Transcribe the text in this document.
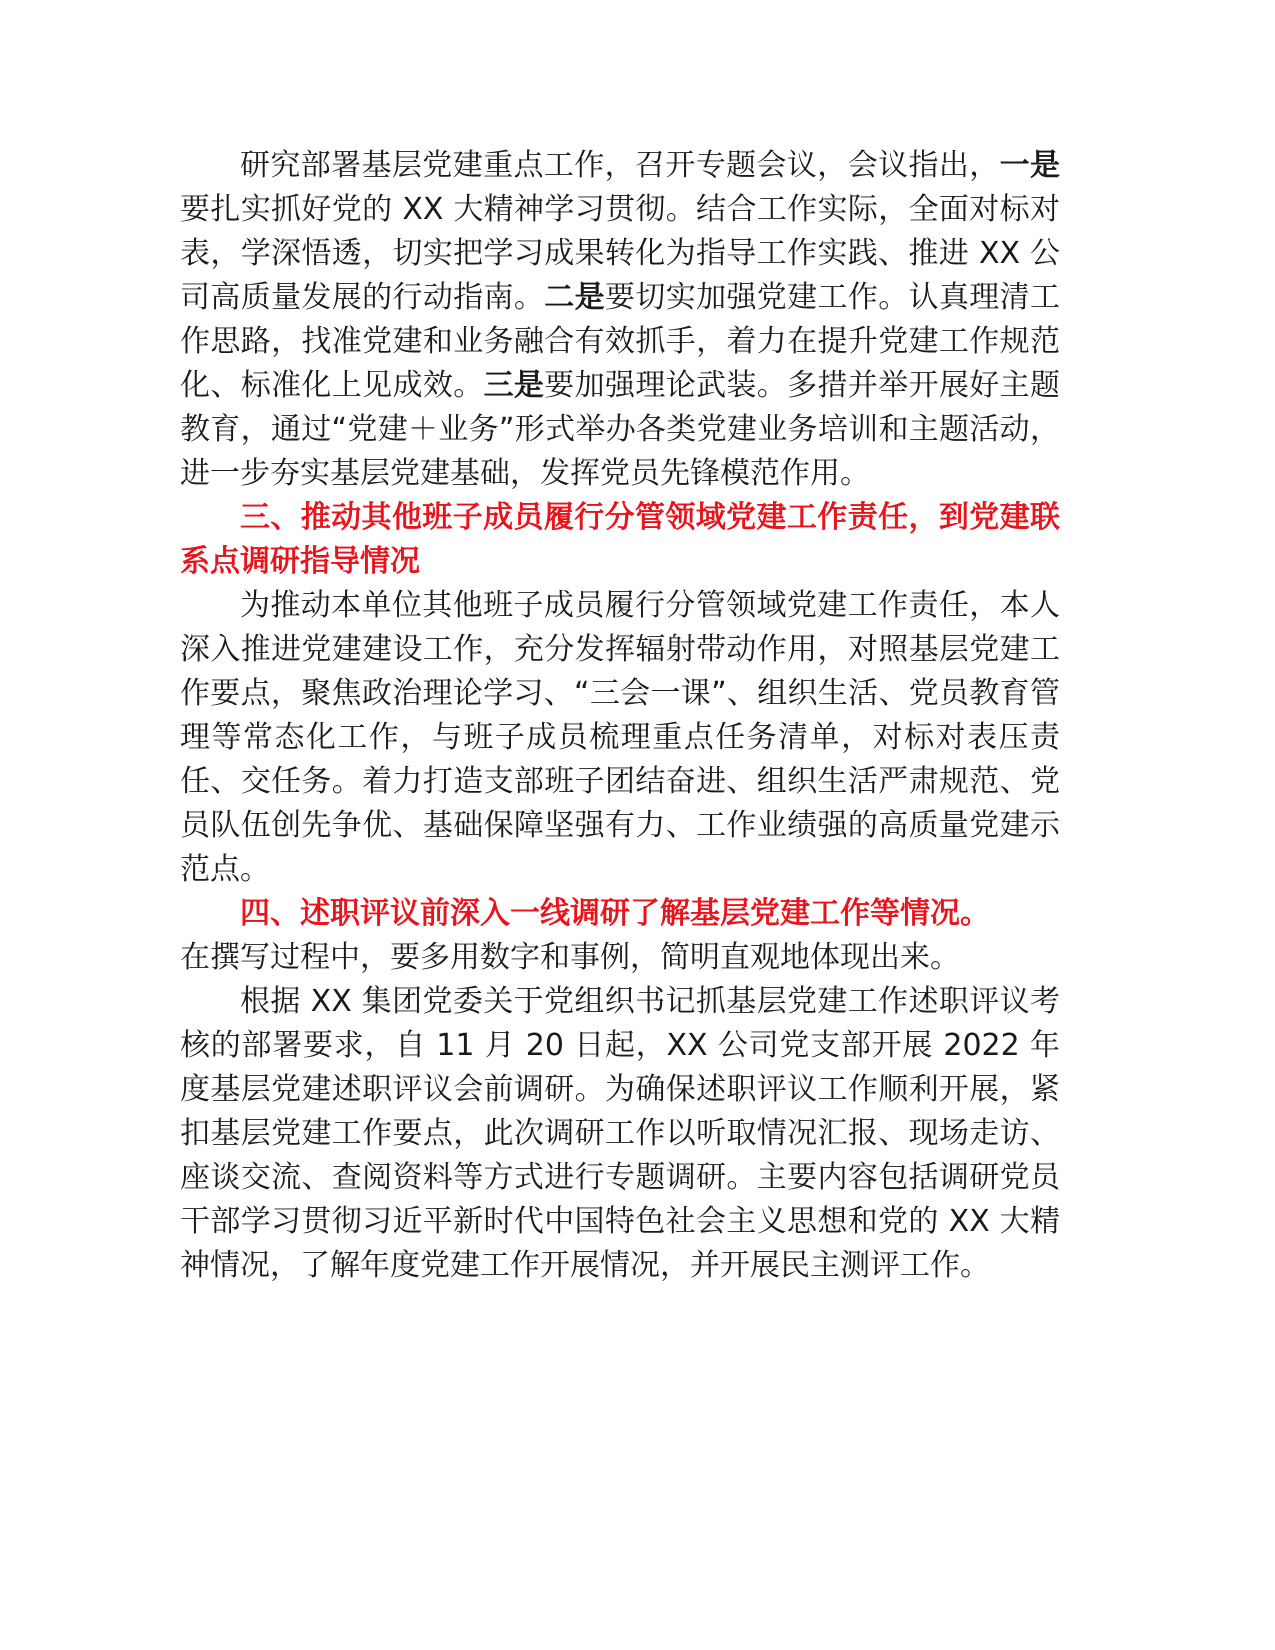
研究部署基层党建重点工作，召开专题会议，会议指出，一是要扎实抓好党的 XX 大精神学习贯彻。结合工作实际，全面对标对表，学深悟透，切实把学习成果转化为指导工作实践、推进 XX 公司高质量发展的行动指南。二是要切实加强党建工作。认真理清工作思路，找准党建和业务融合有效抓手，着力在提升党建工作规范化、标准化上见成效。三是要加强理论武装。多措并举开展好主题教育，通过“党建＋业务”形式举办各类党建业务培训和主题活动，进一步夯实基层党建基础，发挥党员先锋模范作用。

三、推动其他班子成员履行分管领域党建工作责任，到党建联系点调研指导情况

为推动本单位其他班子成员履行分管领域党建工作责任，本人深入推进党建建设工作，充分发挥辐射带动作用，对照基层党建工作要点，聚焦政治理论学习、“三会一课”、组织生活、党员教育管理等常态化工作，与班子成员梳理重点任务清单，对标对表压责任、交任务。着力打造支部班子团结奋进、组织生活严肃规范、党员队伍创先争优、基础保障坚强有力、工作业绩强的高质量党建示范点。

四、述职评议前深入一线调研了解基层党建工作等情况。

在撰写过程中，要多用数字和事例，简明直观地体现出来。

根据 XX 集团党委关于党组织书记抓基层党建工作述职评议考核的部署要求，自 11 月 20 日起，XX 公司党支部开展 2022 年度基层党建述职评议会前调研。为确保述职评议工作顺利开展，紧扣基层党建工作要点，此次调研工作以听取情况汇报、现场走访、座谈交流、查阅资料等方式进行专题调研。主要内容包括调研党员干部学习贯彻习近平新时代中国特色社会主义思想和党的 XX 大精神情况，了解年度党建工作开展情况，并开展民主测评工作。
